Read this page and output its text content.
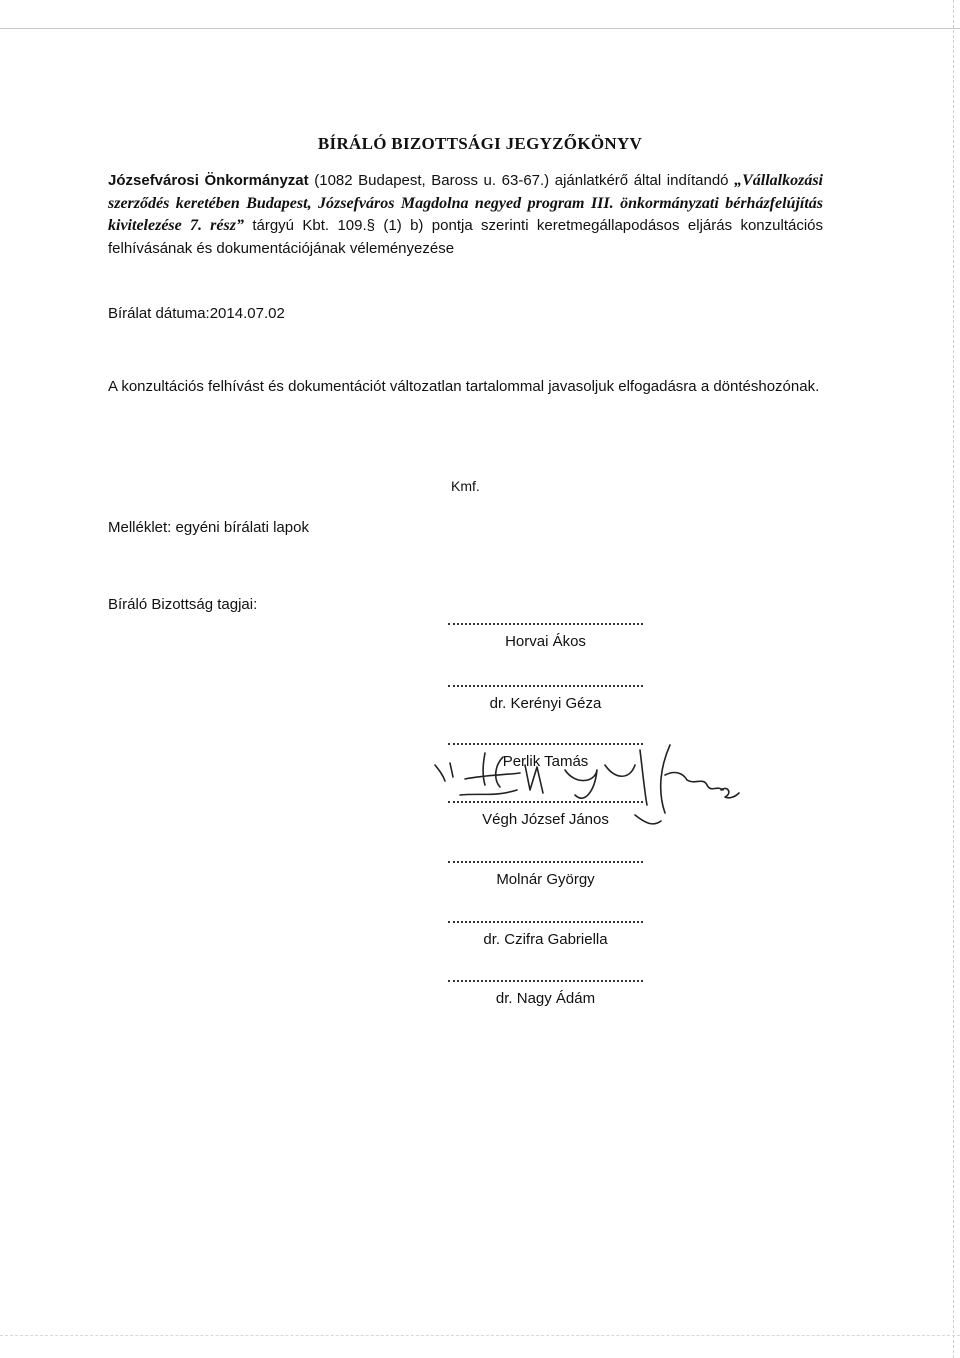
BÍRÁLÓ BIZOTTSÁGI JEGYZŐKÖNYV
Józsefvárosi Önkormányzat (1082 Budapest, Baross u. 63-67.) ajánlatkérő által indítandó „Vállalkozási szerződés keretében Budapest, Józsefváros Magdolna negyed program III. önkormányzati bérházfelújítás kivitelezése 7. rész” tárgyú Kbt. 109.§ (1) b) pontja szerinti keretmegállapodásos eljárás konzultációs felhívásának és dokumentációjának véleményezése
Bírálat dátuma:2014.07.02
A konzultációs felhívást és dokumentációt változatlan tartalommal javasoljuk elfogadásra a döntéshozónak.
Kmf.
Melléklet: egyéni bírálati lapok
Bíráló Bizottság tagjai:
Horvai Ákos
dr. Kerényi Géza
Perlik Tamás
Végh József János
Molnár György
dr. Czifra Gabriella
dr. Nagy Ádám
